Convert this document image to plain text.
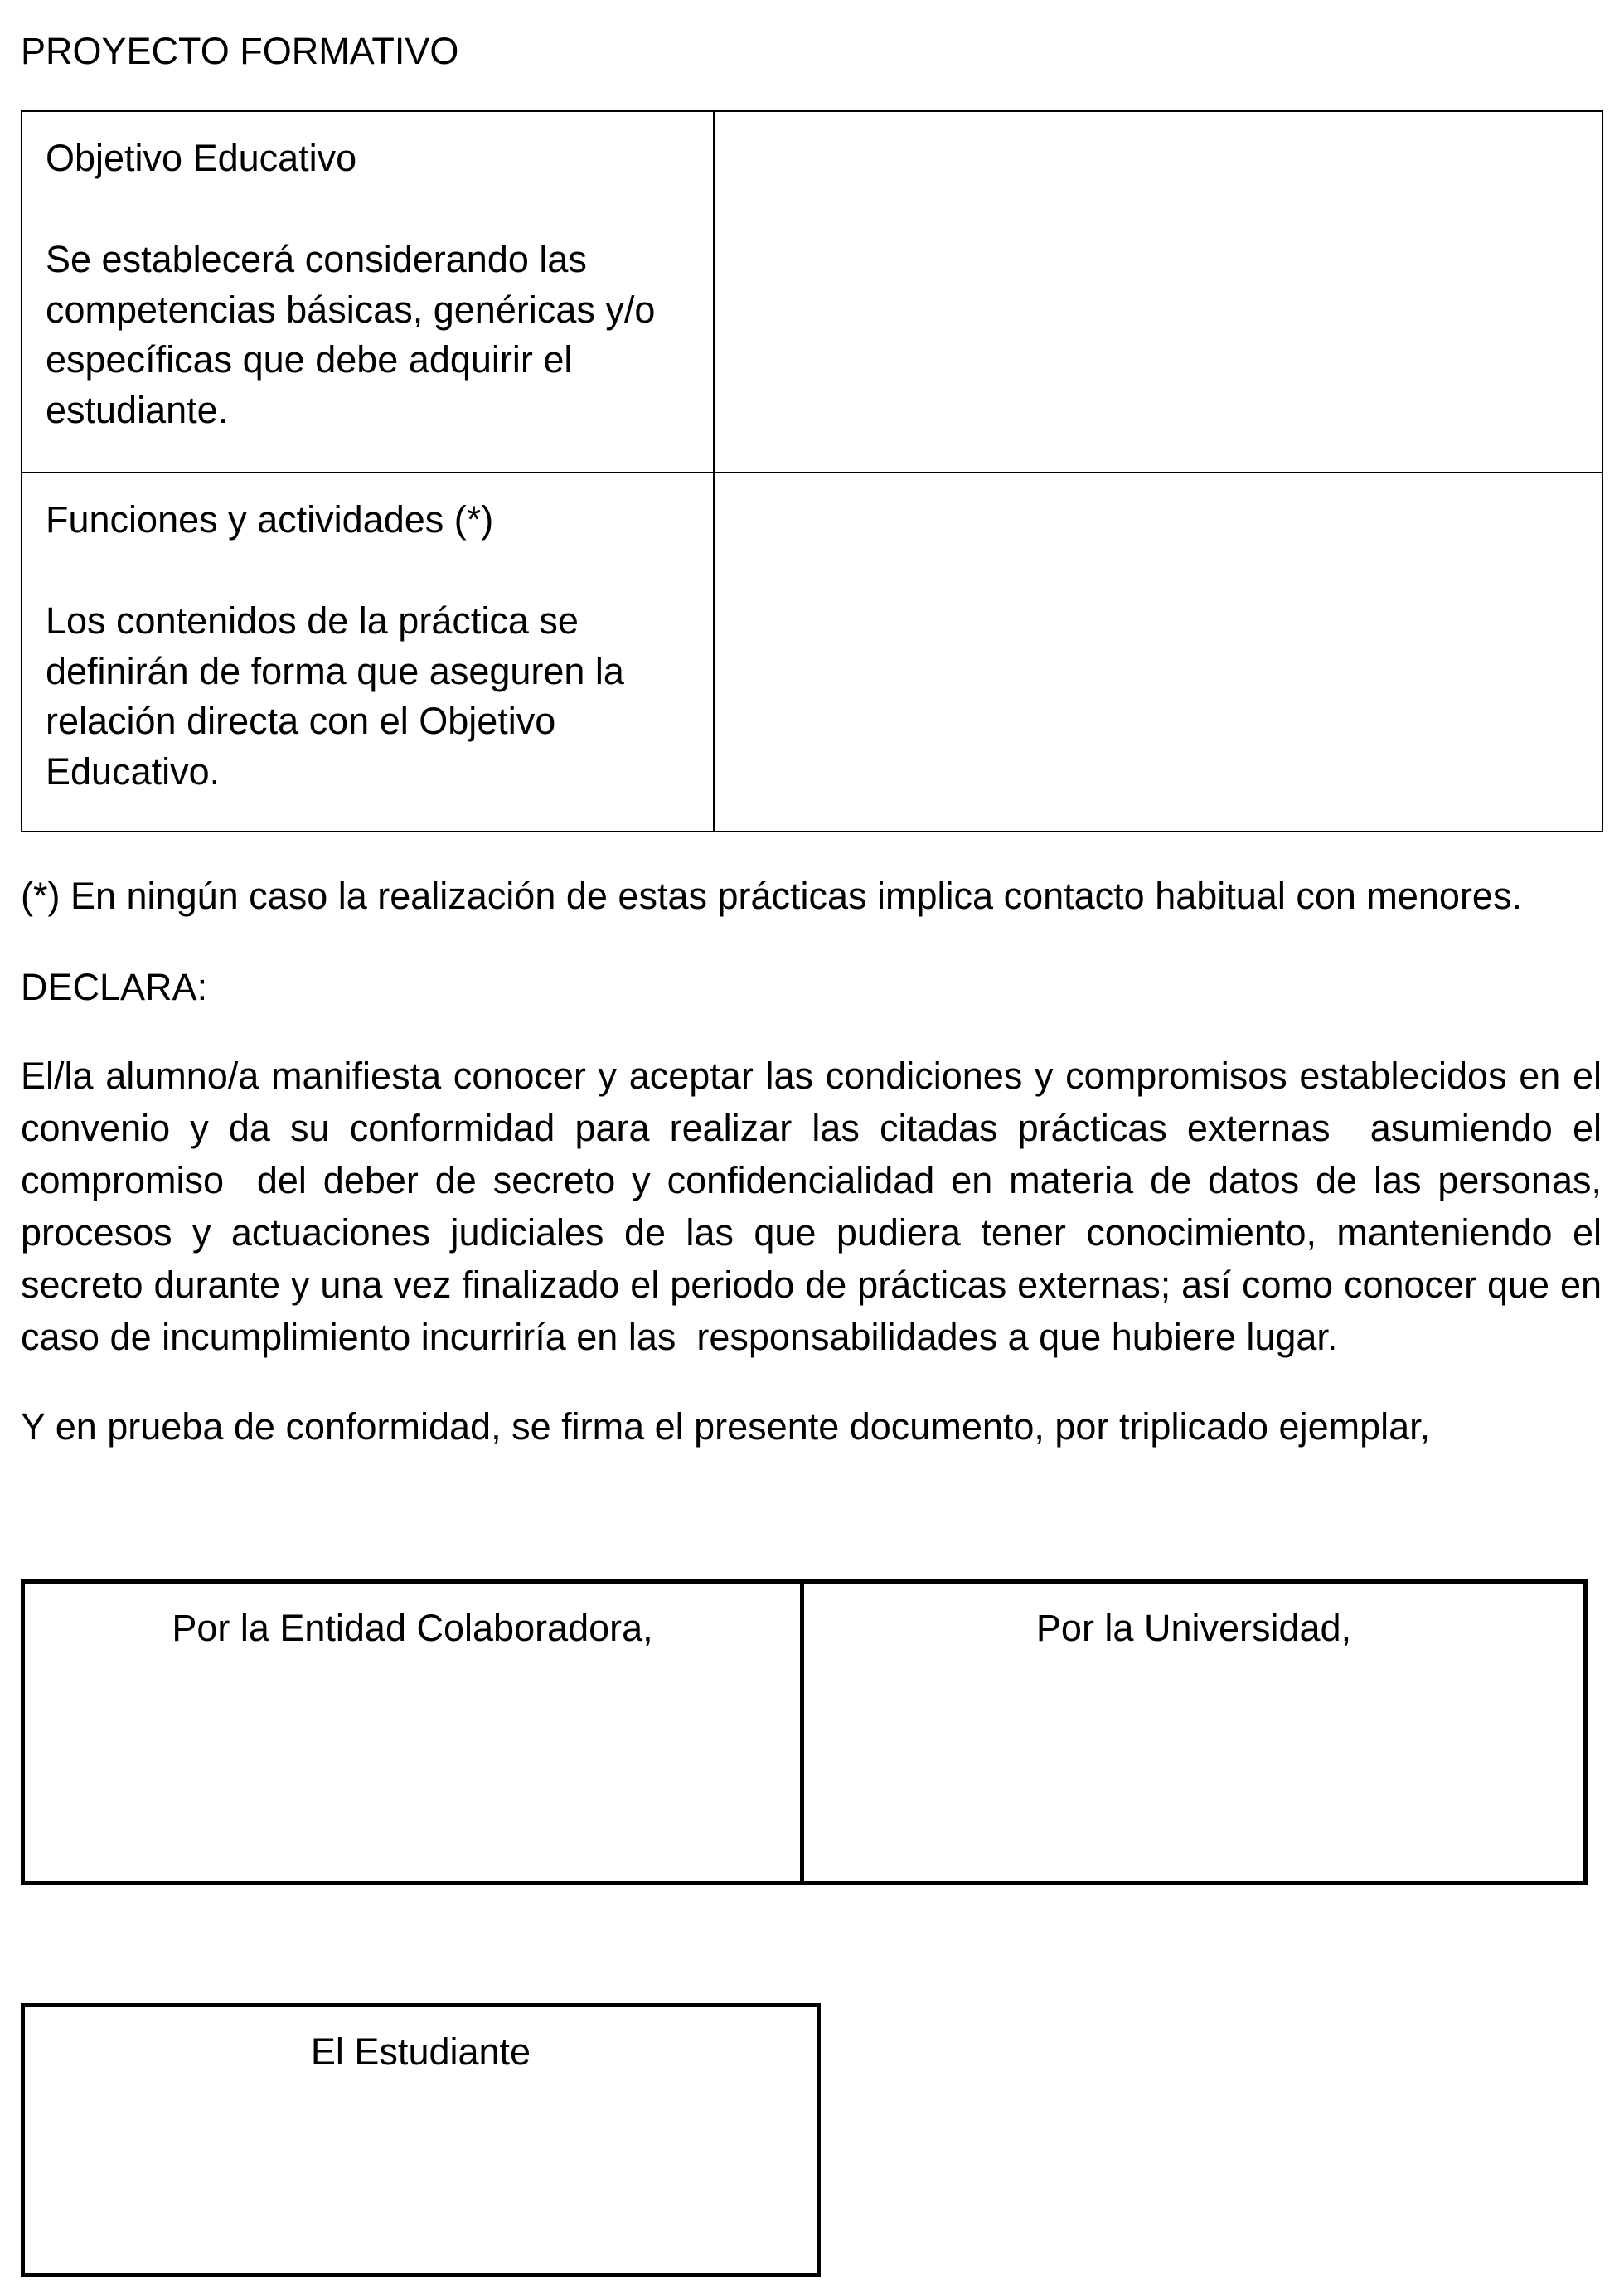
PROYECTO FORMATIVO

Objetivo Educativo

Se establecerá considerando las competencias básicas, genéricas y/o específicas que debe adquirir el estudiante.	

Funciones y actividades (*)

Los contenidos de la práctica se definirán de forma que aseguren la relación directa con el Objetivo Educativo.	

(*) En ningún caso la realización de estas prácticas implica contacto habitual con menores.

DECLARA:

El/la alumno/a manifiesta conocer y aceptar las condiciones y compromisos establecidos en el convenio y da su conformidad para realizar las citadas prácticas externas  asumiendo el compromiso  del deber de secreto y confidencialidad en materia de datos de las personas, procesos y actuaciones judiciales de las que pudiera tener conocimiento, manteniendo el secreto durante y una vez finalizado el periodo de prácticas externas; así como conocer que en caso de incumplimiento incurriría en las  responsabilidades a que hubiere lugar.

Y en prueba de conformidad, se firma el presente documento, por triplicado ejemplar,

Por la Entidad Colaboradora,	Por la Universidad,
El Estudiante
